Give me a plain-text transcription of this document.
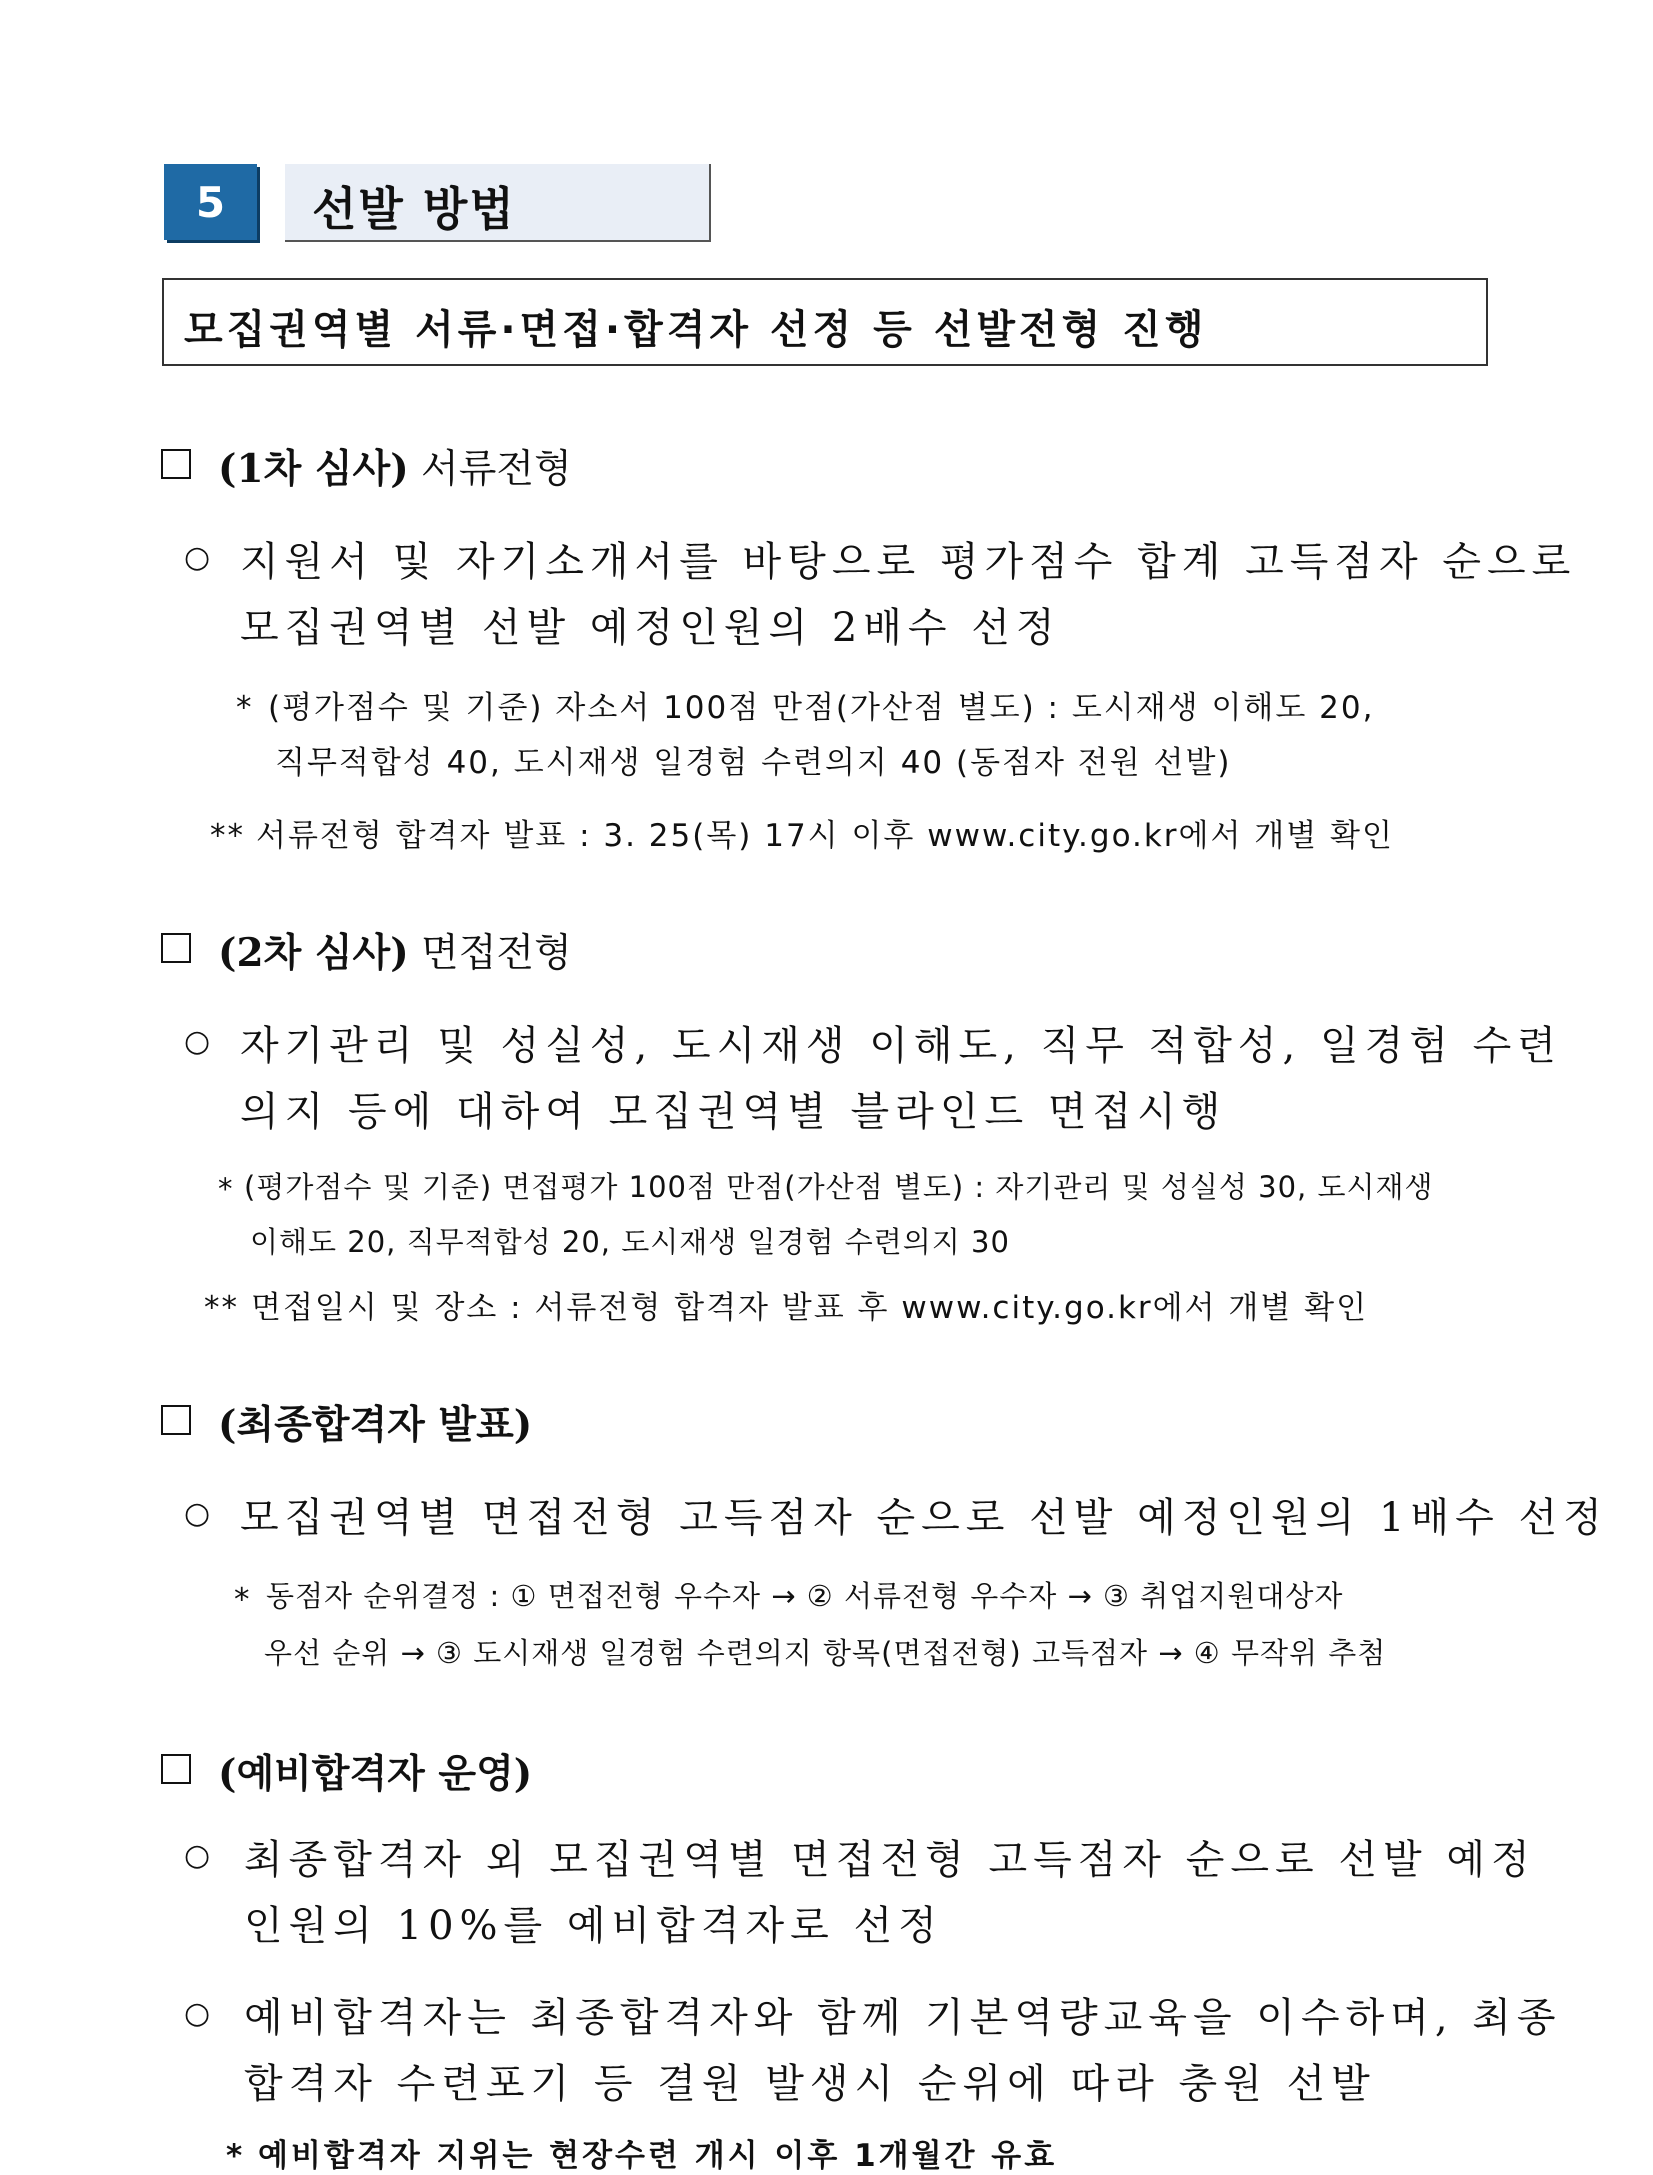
5	선발 방법
모집권역별 서류·면접·합격자 선정 등 선발전형 진행
(1차 심사) 서류전형
○ 지원서 및 자기소개서를 바탕으로 평가점수 합계 고득점자 순으로
모집권역별 선발 예정인원의 2배수 선정
* (평가점수 및 기준) 자소서 100점 만점(가산점 별도) : 도시재생 이해도 20,
직무적합성 40, 도시재생 일경험 수련의지 40 (동점자 전원 선발)
** 서류전형 합격자 발표 : 3. 25(목) 17시 이후 www.city.go.kr에서 개별 확인
(2차 심사) 면접전형
○ 자기관리 및 성실성, 도시재생 이해도, 직무 적합성, 일경험 수련
의지 등에 대하여 모집권역별 블라인드 면접시행
* (평가점수 및 기준) 면접평가 100점 만점(가산점 별도) : 자기관리 및 성실성 30, 도시재생
이해도 20, 직무적합성 20, 도시재생 일경험 수련의지 30
** 면접일시 및 장소 : 서류전형 합격자 발표 후 www.city.go.kr에서 개별 확인
(최종합격자 발표)
○ 모집권역별 면접전형 고득점자 순으로 선발 예정인원의 1배수 선정
* 동점자 순위결정 : ① 면접전형 우수자 → ② 서류전형 우수자 → ③ 취업지원대상자
우선 순위 → ③ 도시재생 일경험 수련의지 항목(면접전형) 고득점자 → ④ 무작위 추첨
(예비합격자 운영)
○ 최종합격자 외 모집권역별 면접전형 고득점자 순으로 선발 예정
인원의 10%를 예비합격자로 선정
○ 예비합격자는 최종합격자와 함께 기본역량교육을 이수하며, 최종
합격자 수련포기 등 결원 발생시 순위에 따라 충원 선발
* 예비합격자 지위는 현장수련 개시 이후 1개월간 유효
